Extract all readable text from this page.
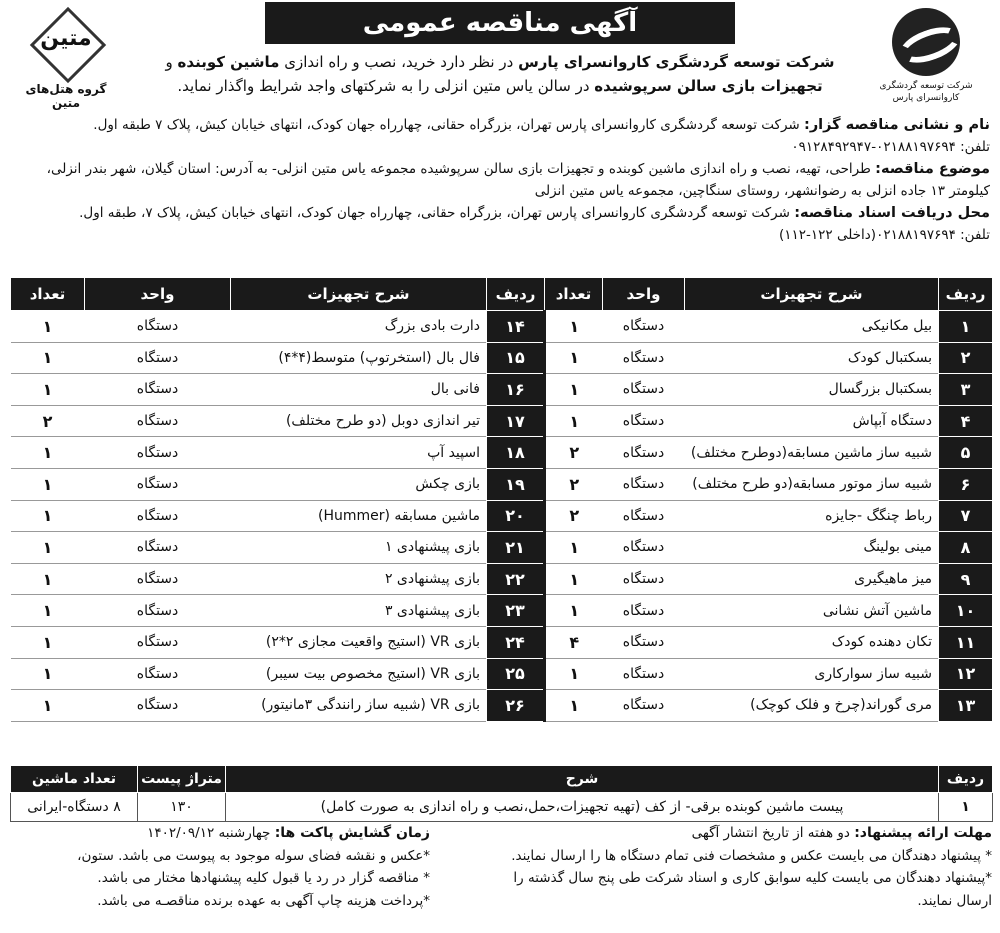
شرکت توسعه گردشگری کاروانسرای پارس
آگهی مناقصه عمومی
شرکت توسعه گردشگری کاروانسرای پارس در نظر دارد خرید، نصب و راه اندازی ماشین کوبنده و تجهیزات بازی سالن سرپوشیده در سالن یاس متین انزلی را به شرکتهای واجد شرایط واگذار نماید.
متین
گروه هتل‌های متین

نام و نشانی مناقصه گزار: شرکت توسعه گردشگری کاروانسرای پارس تهران، بزرگراه حقانی، چهارراه جهان کودک، انتهای خیابان کیش، پلاک ۷ طبقه اول.

تلفن: ۰۲۱۸۸۱۹۷۶۹۴-۰۹۱۲۸۴۹۲۹۴۷

موضوع مناقصه: طراحی، تهیه، نصب و راه اندازی ماشین کوبنده و تجهیزات بازی سالن سرپوشیده مجموعه یاس متین انزلی- به آدرس: استان گیلان، شهر بندر انزلی، کیلومتر ۱۳ جاده انزلی به رضوانشهر، روستای سنگاچین، مجموعه یاس متین انزلی

محل دریافت اسناد مناقصه: شرکت توسعه گردشگری کاروانسرای پارس تهران، بزرگراه حقانی، چهارراه جهان کودک، انتهای خیابان کیش، پلاک ۷، طبقه اول.

تلفن: ۰۲۱۸۸۱۹۷۶۹۴(داخلی ۱۲۲-۱۱۲)

ردیف	شرح تجهیزات	واحد	تعداد	ردیف	شرح تجهیزات	واحد	تعداد
۱	بیل مکانیکی	دستگاه	۱	۱۴	دارت بادی بزرگ	دستگاه	۱
۲	بسکتبال کودک	دستگاه	۱	۱۵	فال بال (استخرتوپ) متوسط(۴*۴)	دستگاه	۱
۳	بسکتبال بزرگسال	دستگاه	۱	۱۶	فانی بال	دستگاه	۱
۴	دستگاه آبپاش	دستگاه	۱	۱۷	تیر اندازی دوبل (دو طرح مختلف)	دستگاه	۲
۵	شبیه ساز ماشین مسابقه(دوطرح مختلف)	دستگاه	۲	۱۸	اسپید آپ	دستگاه	۱
۶	شبیه ساز موتور مسابقه(دو طرح مختلف)	دستگاه	۲	۱۹	بازی چکش	دستگاه	۱
۷	رباط چنگگ -جایزه	دستگاه	۲	۲۰	ماشین مسابقه (Hummer)	دستگاه	۱
۸	مینی بولینگ	دستگاه	۱	۲۱	بازی پیشنهادی ۱	دستگاه	۱
۹	میز ماهیگیری	دستگاه	۱	۲۲	بازی پیشنهادی ۲	دستگاه	۱
۱۰	ماشین آتش نشانی	دستگاه	۱	۲۳	بازی پیشنهادی ۳	دستگاه	۱
۱۱	تکان دهنده کودک	دستگاه	۴	۲۴	بازی VR (استیج واقعیت مجازی ۲*۲)	دستگاه	۱
۱۲	شبیه ساز سوارکاری	دستگاه	۱	۲۵	بازی VR (استیج مخصوص بیت سیبر)	دستگاه	۱
۱۳	مری گوراند(چرخ و فلک کوچک)	دستگاه	۱	۲۶	بازی VR (شبیه ساز رانندگی ۳مانیتور)	دستگاه	۱
ردیف	شرح	متراژ پیست	تعداد ماشین
۱	پیست ماشین کوبنده برقی- از کف (تهیه تجهیزات،حمل،نصب و راه اندازی به صورت کامل)	۱۳۰	۸ دستگاه-ایرانی

مهلت ارائه پیشنهاد: دو هفته از تاریخ انتشار آگهی

* پیشنهاد دهندگان می بایست عکس و مشخصات فنی تمام دستگاه ها را ارسال نمایند.

*پیشنهاد دهندگان می بایست کلیه سوابق کاری و اسناد شرکت طی پنج سال گذشته را

ارسال نمایند.

زمان گشایش پاکت ها: چهارشنبه ۱۴۰۲/۰۹/۱۲

*عکس و نقشه فضای سوله موجود به پیوست می باشد. ستون،

* مناقصه گزار در رد یا قبول کلیه پیشنهادها مختار می باشد.

*پرداخت هزینه چاپ آگهی به عهده برنده مناقصـه می باشد.
